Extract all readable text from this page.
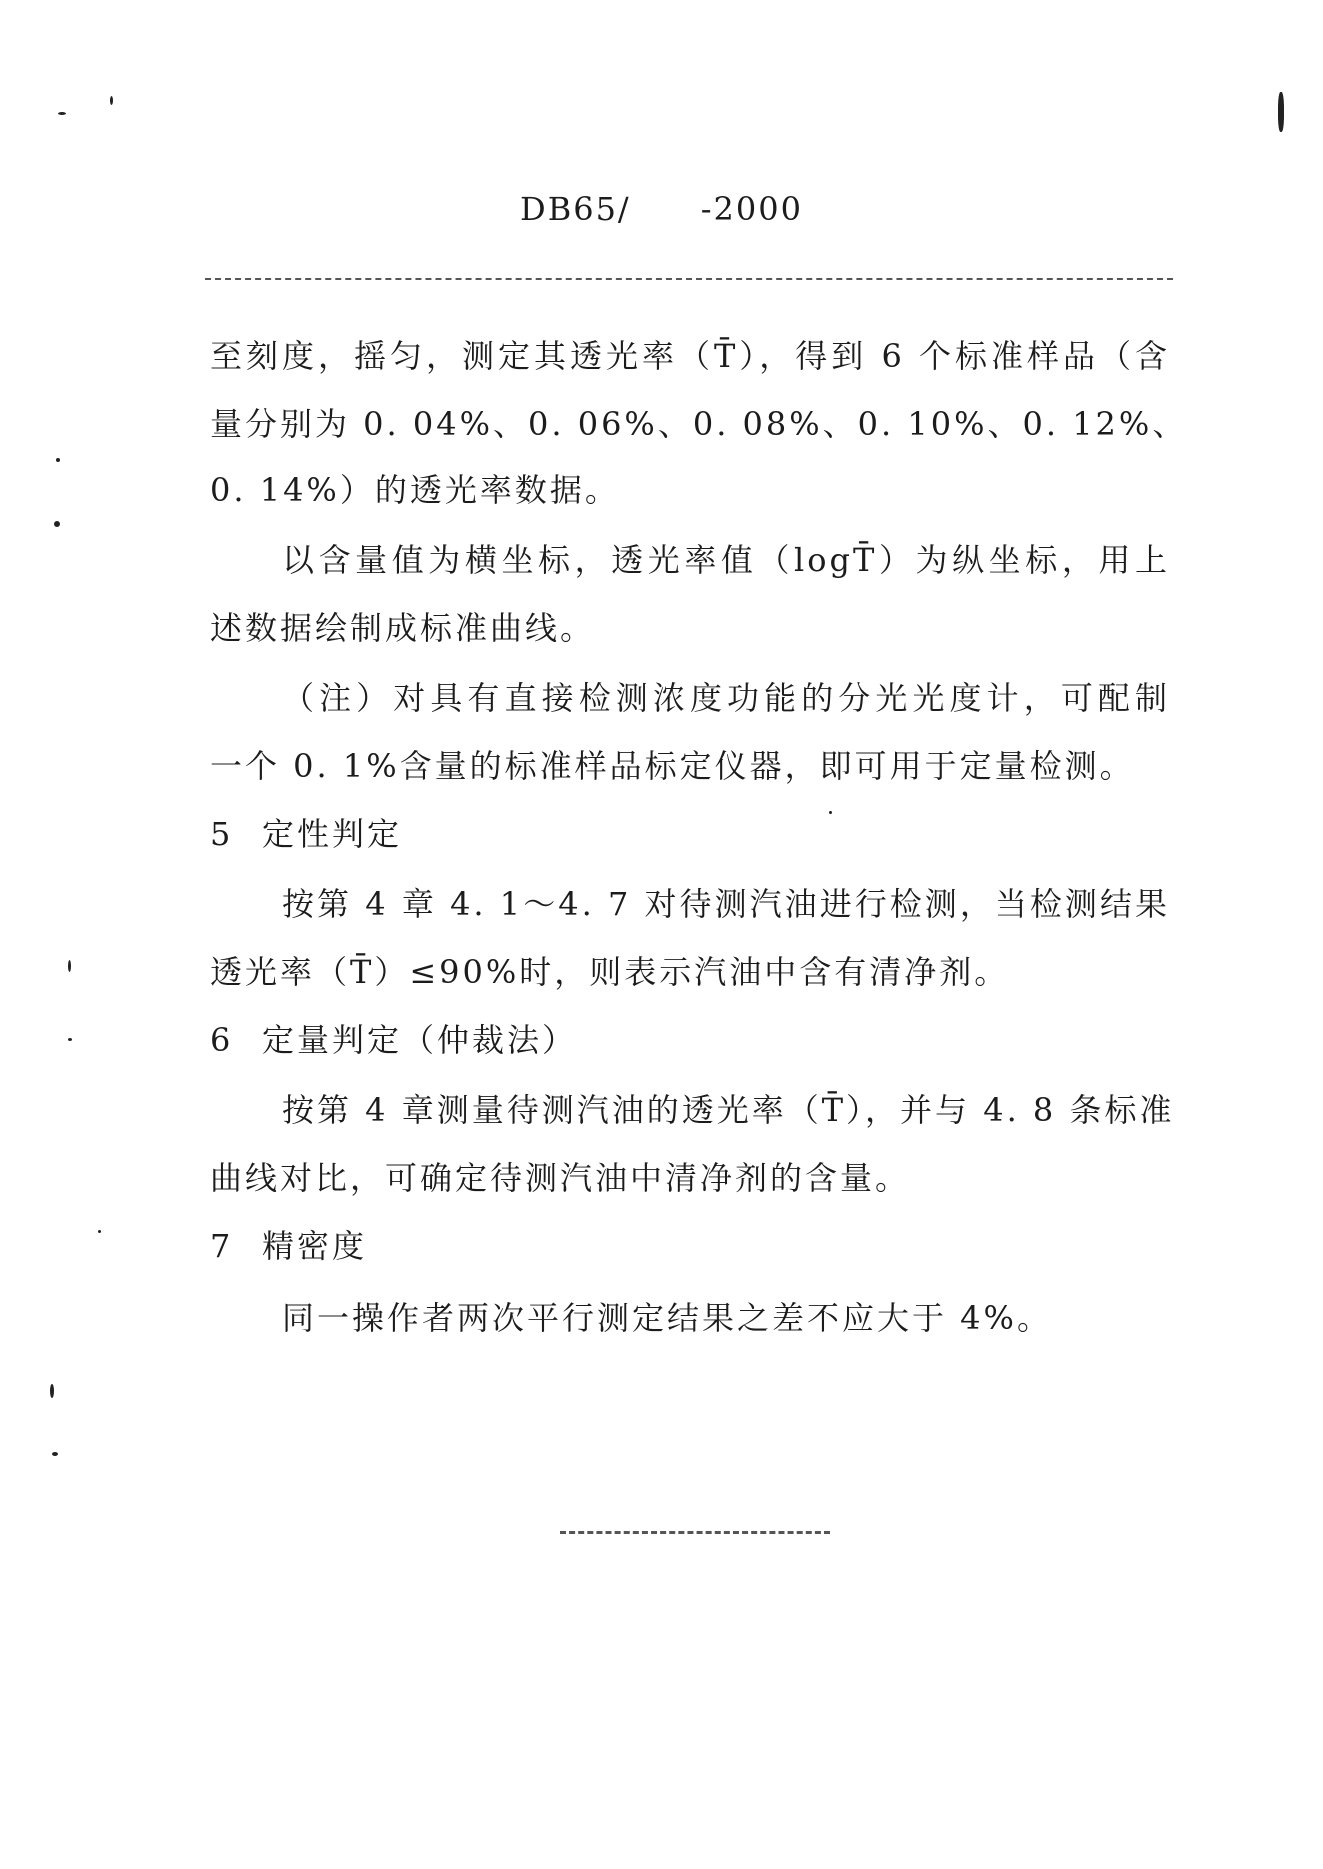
DB65/ -2000
至刻度，摇匀，测定其透光率（T̄），得到 6 个标准样品（含
量分别为 0. 04%、0. 06%、0. 08%、0. 10%、0. 12%、
0. 14%）的透光率数据。
以含量值为横坐标，透光率值（logT̄）为纵坐标，用上
述数据绘制成标准曲线。
（注）对具有直接检测浓度功能的分光光度计，可配制
一个 0. 1%含量的标准样品标定仪器，即可用于定量检测。
5 定性判定
按第 4 章 4. 1～4. 7 对待测汽油进行检测，当检测结果
透光率（T̄）≤90%时，则表示汽油中含有清净剂。
6 定量判定（仲裁法）
按第 4 章测量待测汽油的透光率（T̄），并与 4. 8 条标准
曲线对比，可确定待测汽油中清净剂的含量。
7 精密度
同一操作者两次平行测定结果之差不应大于 4%。
